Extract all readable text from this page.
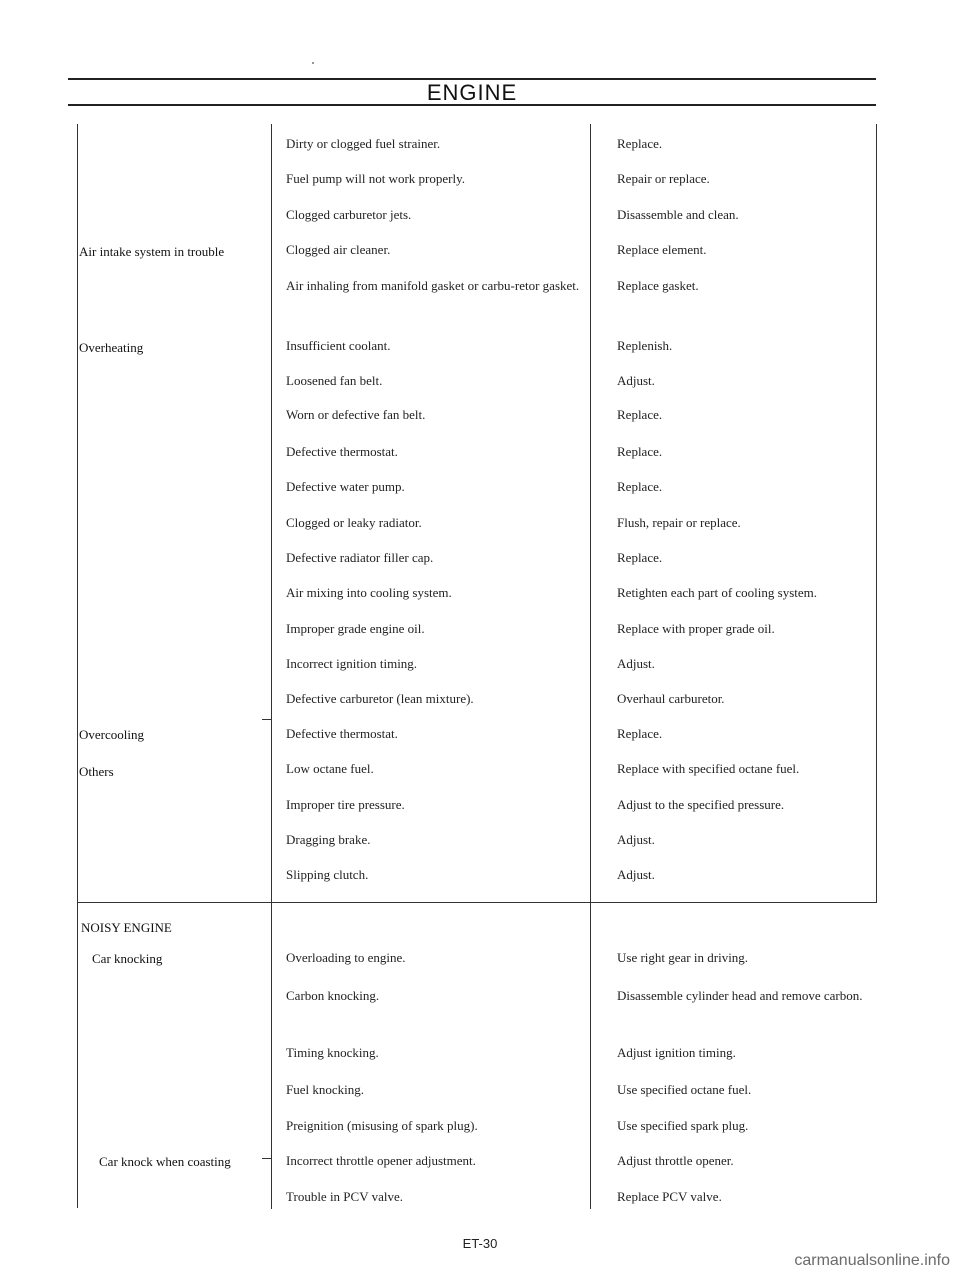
ENGINE
Air intake system in trouble
Overheating
Overcooling
Others
NOISY ENGINE
Car knocking
Car knock when coasting
Dirty or clogged fuel strainer.
Fuel pump will not work properly.
Clogged carburetor jets.
Clogged air cleaner.
Air inhaling from manifold gasket or carbu-retor gasket.
Insufficient coolant.
Loosened fan belt.
Worn or defective fan belt.
Defective thermostat.
Defective water pump.
Clogged or leaky radiator.
Defective radiator filler cap.
Air mixing into cooling system.
Improper grade engine oil.
Incorrect ignition timing.
Defective carburetor (lean mixture).
Defective thermostat.
Low octane fuel.
Improper tire pressure.
Dragging brake.
Slipping clutch.
Overloading to engine.
Carbon knocking.
Timing knocking.
Fuel knocking.
Preignition (misusing of spark plug).
Incorrect throttle opener adjustment.
Trouble in PCV valve.
Replace.
Repair or replace.
Disassemble and clean.
Replace element.
Replace gasket.
Replenish.
Adjust.
Replace.
Replace.
Replace.
Flush, repair or replace.
Replace.
Retighten each part of cooling system.
Replace with proper grade oil.
Adjust.
Overhaul carburetor.
Replace.
Replace with specified octane fuel.
Adjust to the specified pressure.
Adjust.
Adjust.
Use right gear in driving.
Disassemble cylinder head and remove carbon.
Adjust ignition timing.
Use specified octane fuel.
Use specified spark plug.
Adjust throttle opener.
Replace PCV valve.
ET-30
carmanualsonline.info
